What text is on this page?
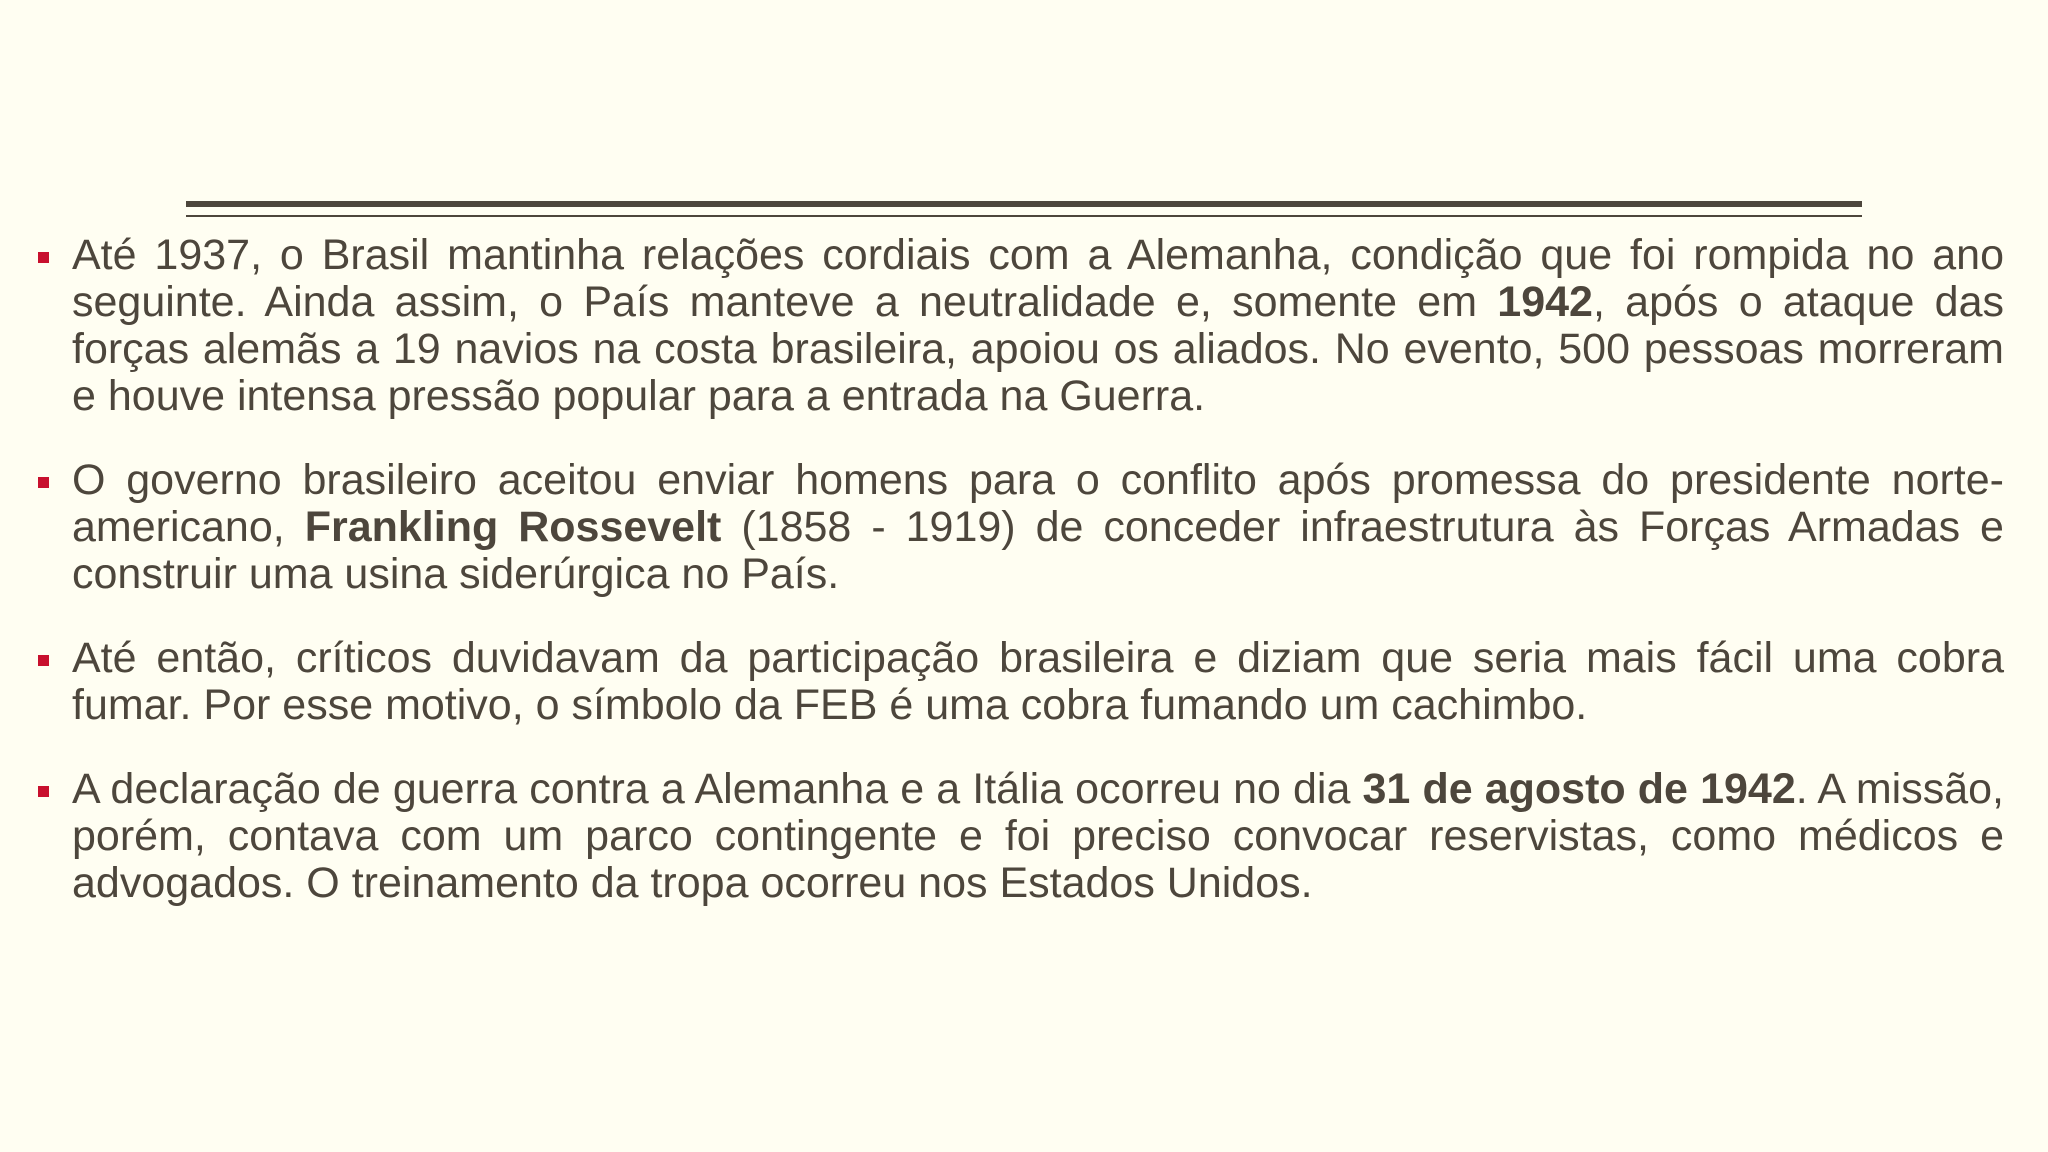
Até 1937, o Brasil mantinha relações cordiais com a Alemanha, condição que foi rompida no ano seguinte. Ainda assim, o País manteve a neutralidade e, somente em 1942, após o ataque das forças alemãs a 19 navios na costa brasileira, apoiou os aliados. No evento, 500 pessoas morreram e houve intensa pressão popular para a entrada na Guerra.
O governo brasileiro aceitou enviar homens para o conflito após promessa do presidente norte-americano, Frankling Rossevelt (1858 - 1919) de conceder infraestrutura às Forças Armadas e construir uma usina siderúrgica no País.
Até então, críticos duvidavam da participação brasileira e diziam que seria mais fácil uma cobra fumar. Por esse motivo, o símbolo da FEB é uma cobra fumando um cachimbo.
A declaração de guerra contra a Alemanha e a Itália ocorreu no dia 31 de agosto de 1942. A missão, porém, contava com um parco contingente e foi preciso convocar reservistas, como médicos e advogados. O treinamento da tropa ocorreu nos Estados Unidos.
